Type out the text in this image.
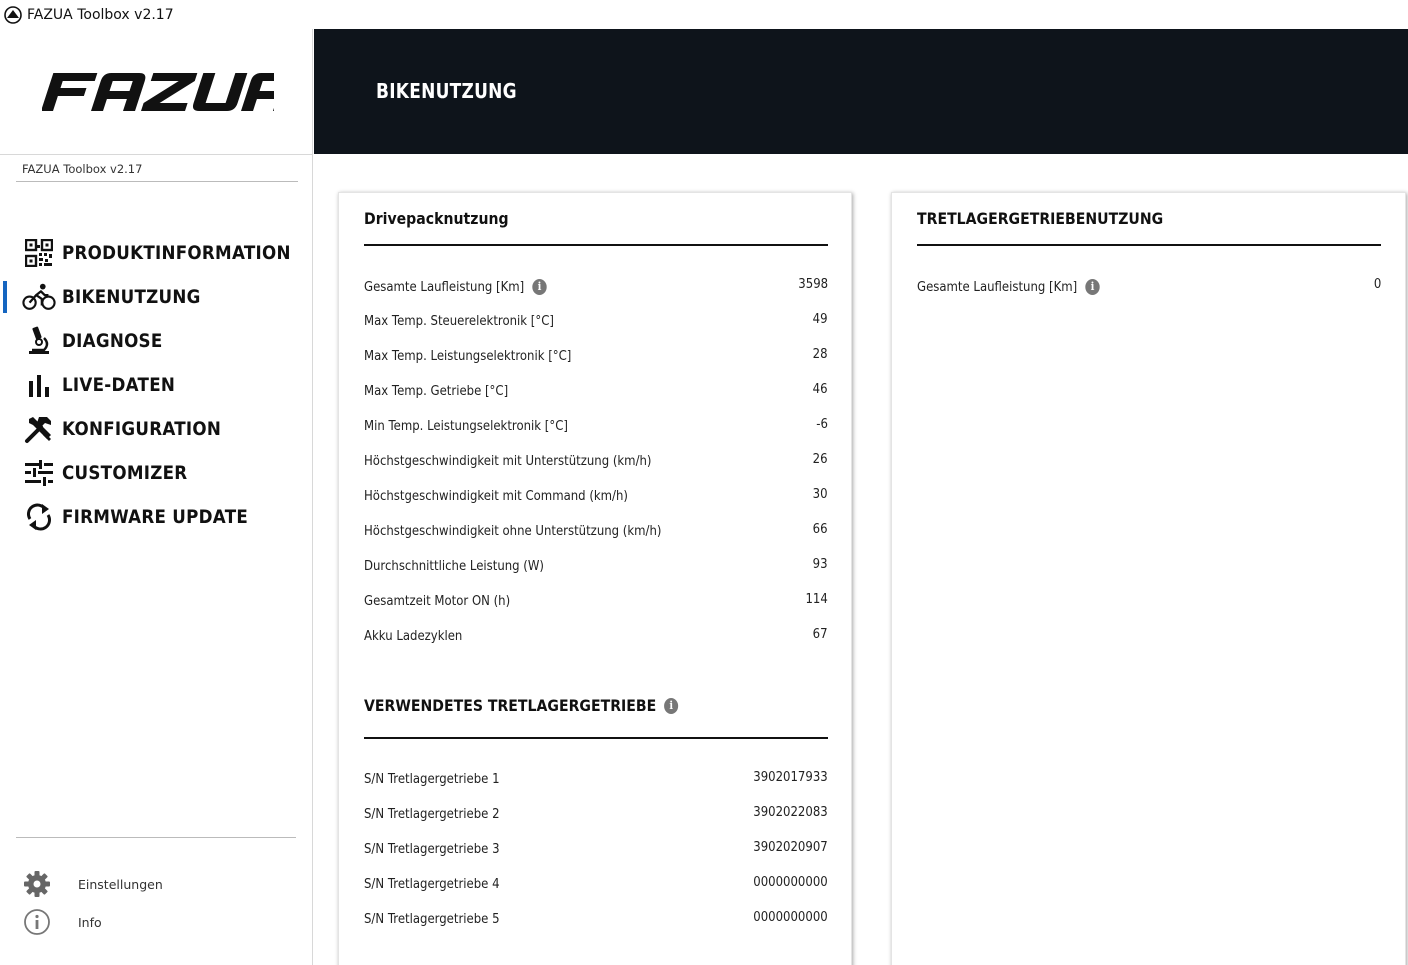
FAZUA Toolbox v2.17
FAZUA Toolbox v2.17
PRODUKTINFORMATION
BIKENUTZUNG
DIAGNOSE
LIVE-DATEN
KONFIGURATION
CUSTOMIZER
FIRMWARE UPDATE
Einstellungen
Info
BIKENUTZUNG
Drivepacknutzung
Gesamte Laufleistung [Km]	i	3598
Max Temp. Steuerelektronik [°C]	49
Max Temp. Leistungselektronik [°C]	28
Max Temp. Getriebe [°C]	46
Min Temp. Leistungselektronik [°C]	-6
Höchstgeschwindigkeit mit Unterstützung (km/h)	26
Höchstgeschwindigkeit mit Command (km/h)	30
Höchstgeschwindigkeit ohne Unterstützung (km/h)	66
Durchschnittliche Leistung (W)	93
Gesamtzeit Motor ON (h)	114
Akku Ladezyklen	67
VERWENDETES TRETLAGERGETRIEBE	i
S/N Tretlagergetriebe 1	3902017933
S/N Tretlagergetriebe 2	3902022083
S/N Tretlagergetriebe 3	3902020907
S/N Tretlagergetriebe 4	0000000000
S/N Tretlagergetriebe 5	0000000000
TRETLAGERGETRIEBENUTZUNG
Gesamte Laufleistung [Km]	i	0
